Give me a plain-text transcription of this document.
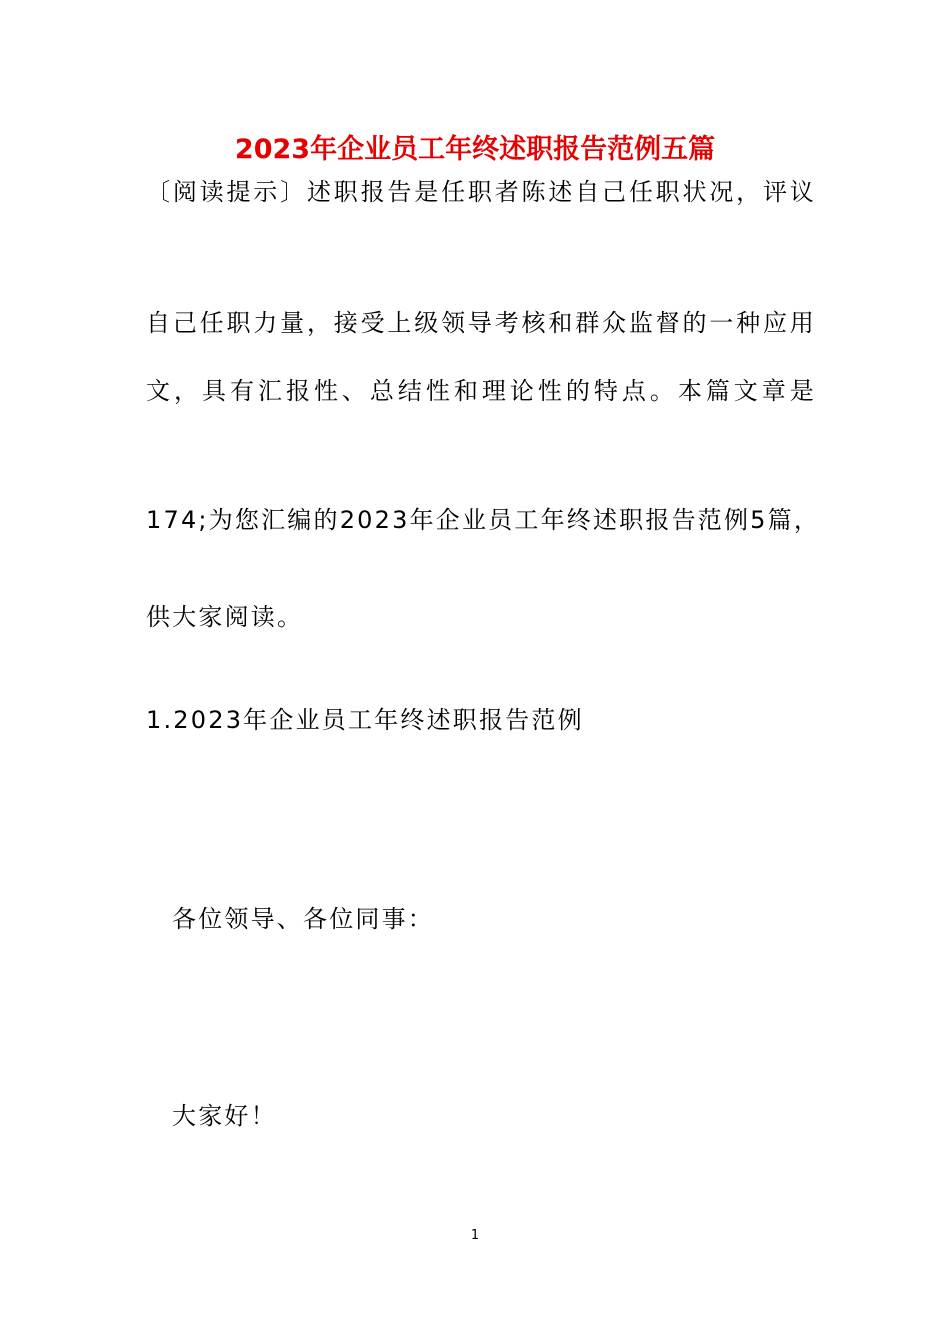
2023年企业员工年终述职报告范例五篇
〔阅读提示〕述职报告是任职者陈述自己任职状况，评议
自己任职力量，接受上级领导考核和群众监督的一种应用
文，具有汇报性、总结性和理论性的特点。本篇文章是
174;为您汇编的2023年企业员工年终述职报告范例5篇，
供大家阅读。
1.2023年企业员工年终述职报告范例
各位领导、各位同事：
大家好！
1
